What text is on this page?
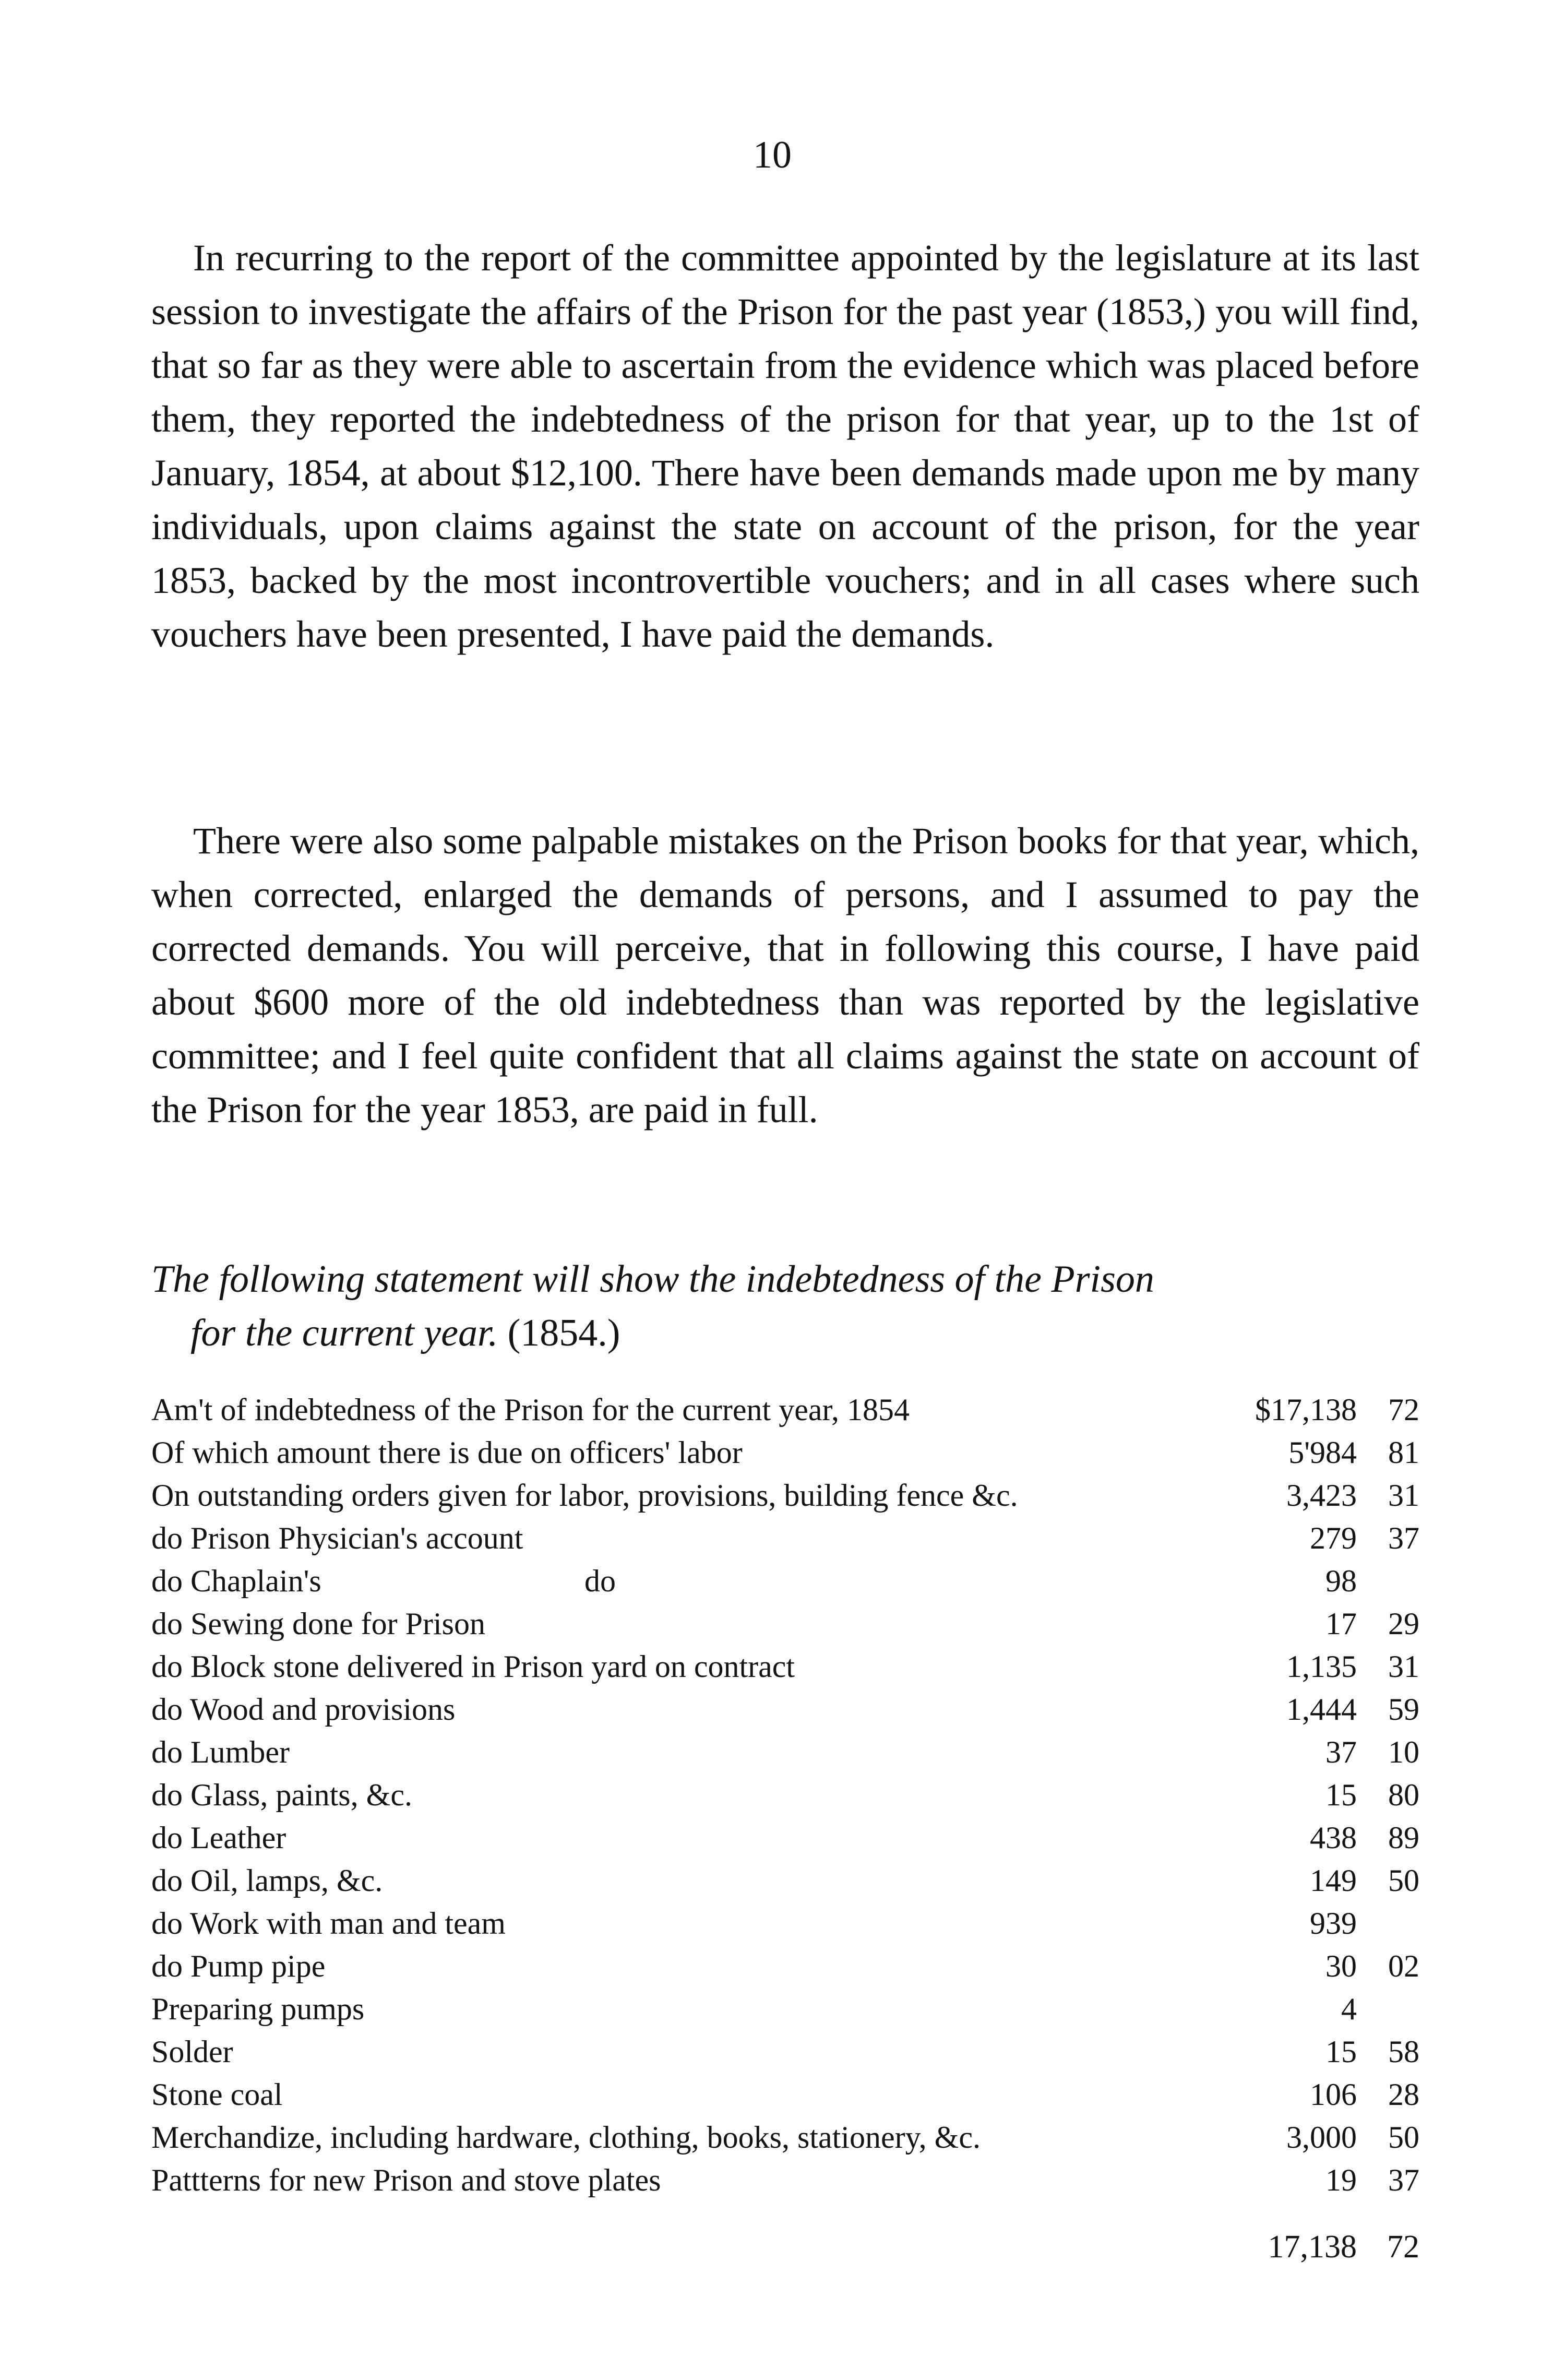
10

In recurring to the report of the committee appointed by the legislature at its last session to investigate the affairs of the Prison for the past year (1853,) you will find, that so far as they were able to ascertain from the evidence which was placed before them, they reported the indebtedness of the prison for that year, up to the 1st of January, 1854, at about $12,100. There have been demands made upon me by many individuals, upon claims against the state on account of the prison, for the year 1853, backed by the most incontrovertible vouchers; and in all cases where such vouchers have been presented, I have paid the demands.

There were also some palpable mistakes on the Prison books for that year, which, when corrected, enlarged the demands of persons, and I assumed to pay the corrected demands. You will perceive, that in following this course, I have paid about $600 more of the old indebtedness than was reported by the legislative committee; and I feel quite confident that all claims against the state on account of the Prison for the year 1853, are paid in full.

The following statement will show the indebtedness of the Prison
for the current year. (1854.)

Am't of indebtedness of the Prison for the current year, 1854	$17,138	72
Of which amount there is due on officers' labor	5'984	81
On outstanding orders given for labor, provisions, building fence &c.	3,423	31
do Prison Physician's account	279	37
do Chaplain's	do	98
do Sewing done for Prison	17	29
do Block stone delivered in Prison yard on contract	1,135	31
do Wood and provisions	1,444	59
do Lumber	37	10
do Glass, paints, &c.	15	80
do Leather	438	89
do Oil, lamps, &c.	149	50
do Work with man and team	939
do Pump pipe	30	02
Preparing pumps	4
Solder	15	58
Stone coal	106	28
Merchandize, including hardware, clothing, books, stationery, &c.	3,000	50
Pattterns for new Prison and stove plates	19	37
17,138 72
